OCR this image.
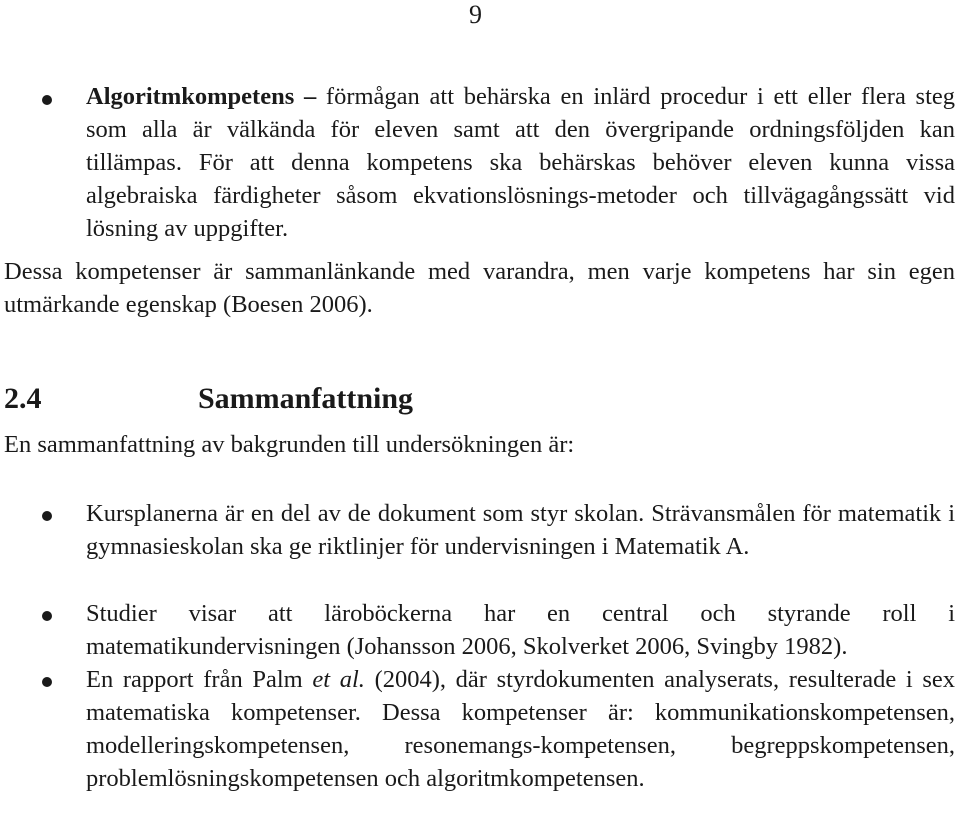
9
Algoritmkompetens – förmågan att behärska en inlärd procedur i ett eller flera steg som alla är välkända för eleven samt att den övergripande ordningsföljden kan tillämpas. För att denna kompetens ska behärskas behöver eleven kunna vissa algebraiska färdigheter såsom ekvationslösnings-metoder och tillvägagångssätt vid lösning av uppgifter.
Dessa kompetenser är sammanlänkande med varandra, men varje kompetens har sin egen utmärkande egenskap (Boesen 2006).
2.4	Sammanfattning
En sammanfattning av bakgrunden till undersökningen är:
Kursplanerna är en del av de dokument som styr skolan. Strävansmålen för matematik i gymnasieskolan ska ge riktlinjer för undervisningen i Matematik A.
Studier visar att läroböckerna har en central och styrande roll i matematikundervisningen (Johansson 2006, Skolverket 2006, Svingby 1982).
En rapport från Palm et al. (2004), där styrdokumenten analyserats, resulterade i sex matematiska kompetenser. Dessa kompetenser är: kommunikationskompetensen, modelleringskompetensen, resonemangs-kompetensen, begreppskompetensen, problemlösningskompetensen och algoritmkompetensen.
